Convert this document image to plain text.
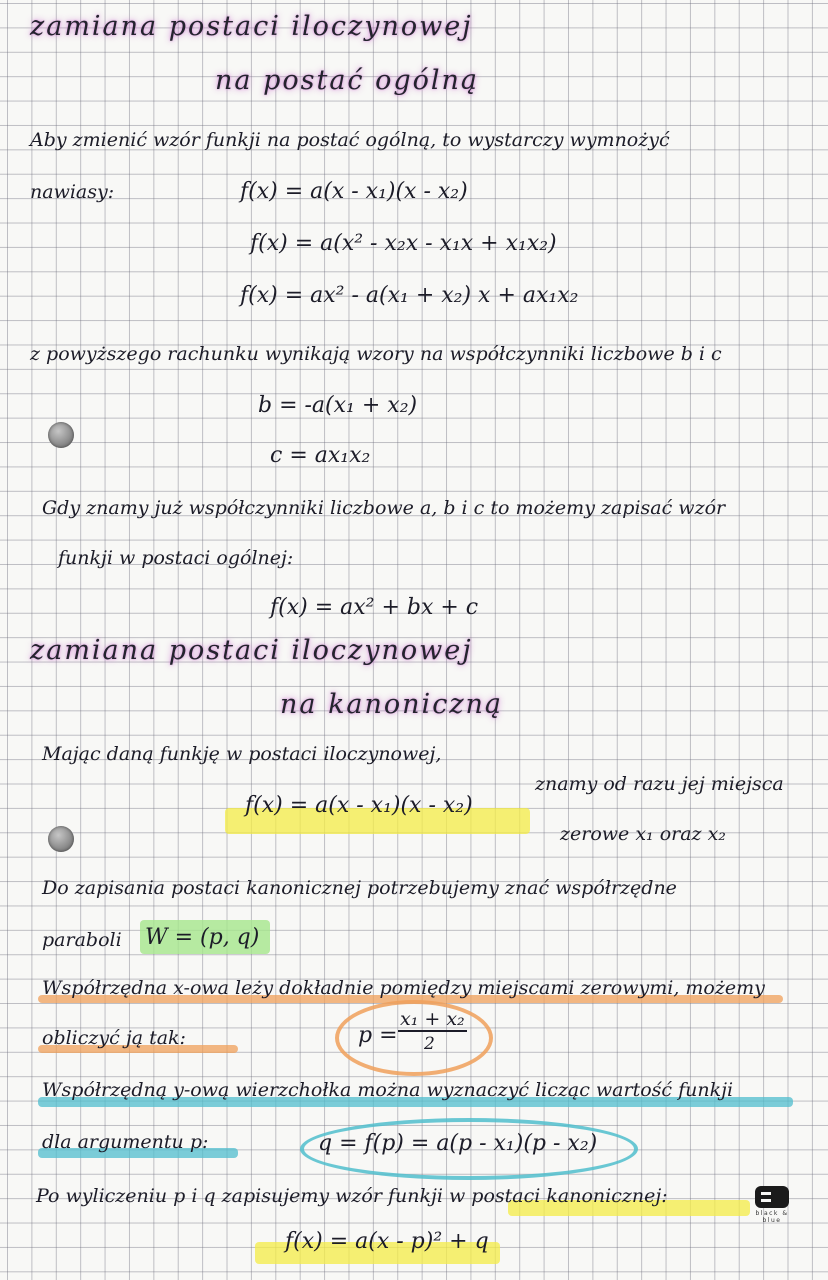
zamiana postaci iloczynowej
na postać ogólną
Aby zmienić wzór funkji na postać ogólną, to wystarczy wymnożyć
nawiasy:	f(x) = a(x - x₁)(x - x₂)
f(x) = a(x² - x₂x - x₁x + x₁x₂)
f(x) = ax² - a(x₁ + x₂) x + ax₁x₂
z powyższego rachunku wynikają wzory na współczynniki liczbowe b i c
b = -a(x₁ + x₂)
c = ax₁x₂
Gdy znamy już współczynniki liczbowe a, b i c to możemy zapisać wzór
funkji w postaci ogólnej:
f(x) = ax² + bx + c
zamiana postaci iloczynowej
na kanoniczną
Mając daną funkję w postaci iloczynowej,
f(x) = a(x - x₁)(x - x₂)
znamy od razu jej miejsca
zerowe x₁ oraz x₂
Do zapisania postaci kanonicznej potrzebujemy znać współrzędne
paraboli W = (p, q)
Współrzędna x-owa leży dokładnie pomiędzy miejscami zerowymi, możemy
obliczyć ją tak:	p =
x₁ + x₂
2
Współrzędną y-ową wierzchołka można wyznaczyć licząc wartość funkji
dla argumentu p:	q = f(p) = a(p - x₁)(p - x₂)
Po wyliczeniu p i q zapisujemy wzór funkji w postaci kanonicznej:
f(x) = a(x - p)² + q
black & blue
